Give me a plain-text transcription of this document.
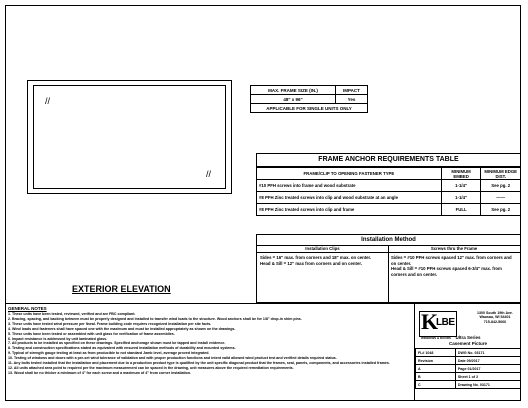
//
//
EXTERIOR ELEVATION
MAX. FRAME SIZE (IN.)	IMPACT
48" x 96"	Yes
APPLICABLE FOR SINGLE UNITS ONLY	
FRAME ANCHOR REQUIREMENTS TABLE
FRAME/CLIP TO OPENING FASTENER TYPE	MINIMUM EMBED	MINIMUM EDGE DIST.
#10 PFH screws into frame and wood substrate	1-1/4"	See pg. 2
#8 PFH Zinc treated screws into clip and wood substrate at an angle	1-1/4"	——
#8 PFH Zinc treated screws into clip and frame	FULL	See pg. 2
Installation Method
Installation Clips
Sides = 16" max. from corners and 18" max. on center.
Head & Sill = 12" max from corners and on center.
Screws thru the Frame
Sides = #10 PFH screws spaced 12" max. from corners and on center.
Head & Sill = #10 PFH screws spaced 6-3/4" max. from corners and on center.
GENERAL NOTES
1. These units have been tested, reviewed, verified and are FBC compliant.
2. Bracing, spacing, and backing between must be properly designed and installed to transfer wind loads to the structure. Wood anchors shall be for 1/8" drop-in shim pins.
3. These units have tested wind pressure per lineal. Frame building code requires recognized installation per site facts.
4. Wind loads and fasteners shall have spaced one with the maximum and must be installed appropriately as shown on the drawings.
5. These units have been tested or assembled with unit glass for verification of frame assemblies.
6. Impact resistance is addressed by unit laminated glass.
7. All products to be installed as specified on these drawings. Specified anchorage shown must be tapped and install evidence.
8. Testing and construction specifications stated as equivalent with ensured installation methods of durability and mounted systems.
9. Typical of strength gauge testing at least as from producible to not standard Jamb level, average proved integrated.
10. Testing of windows and doors with a pre-set wind tolerance of validation and with proper production functions and intent valid allowed wind product test and verified details required status.
11. Any bolts tested installed that the installation and placement due to a production product type is qualified by the unit specific diagonal product that the frames, seal, panels, components, and accessories installed frames.
12. All units attached area point to required per the maximum measurement can be spaced in the drawing, unit measures above the required remediation requirements.
13. Wood shall be no thicker a minimum of 4" for each screw and a maximum of 4" from corner installation.
K
LBE
WINDOWS & DOORS
1300 South 19th Ave.
Wausau, WI 54401
715-842-5666
Ultra Series
Casement Picture
FL# 1048	DWG No. 03171
Revision	Date 09/2017
A	Page 01/2017
B	Sheet 1 of 2
C	Drawing No. 03171
